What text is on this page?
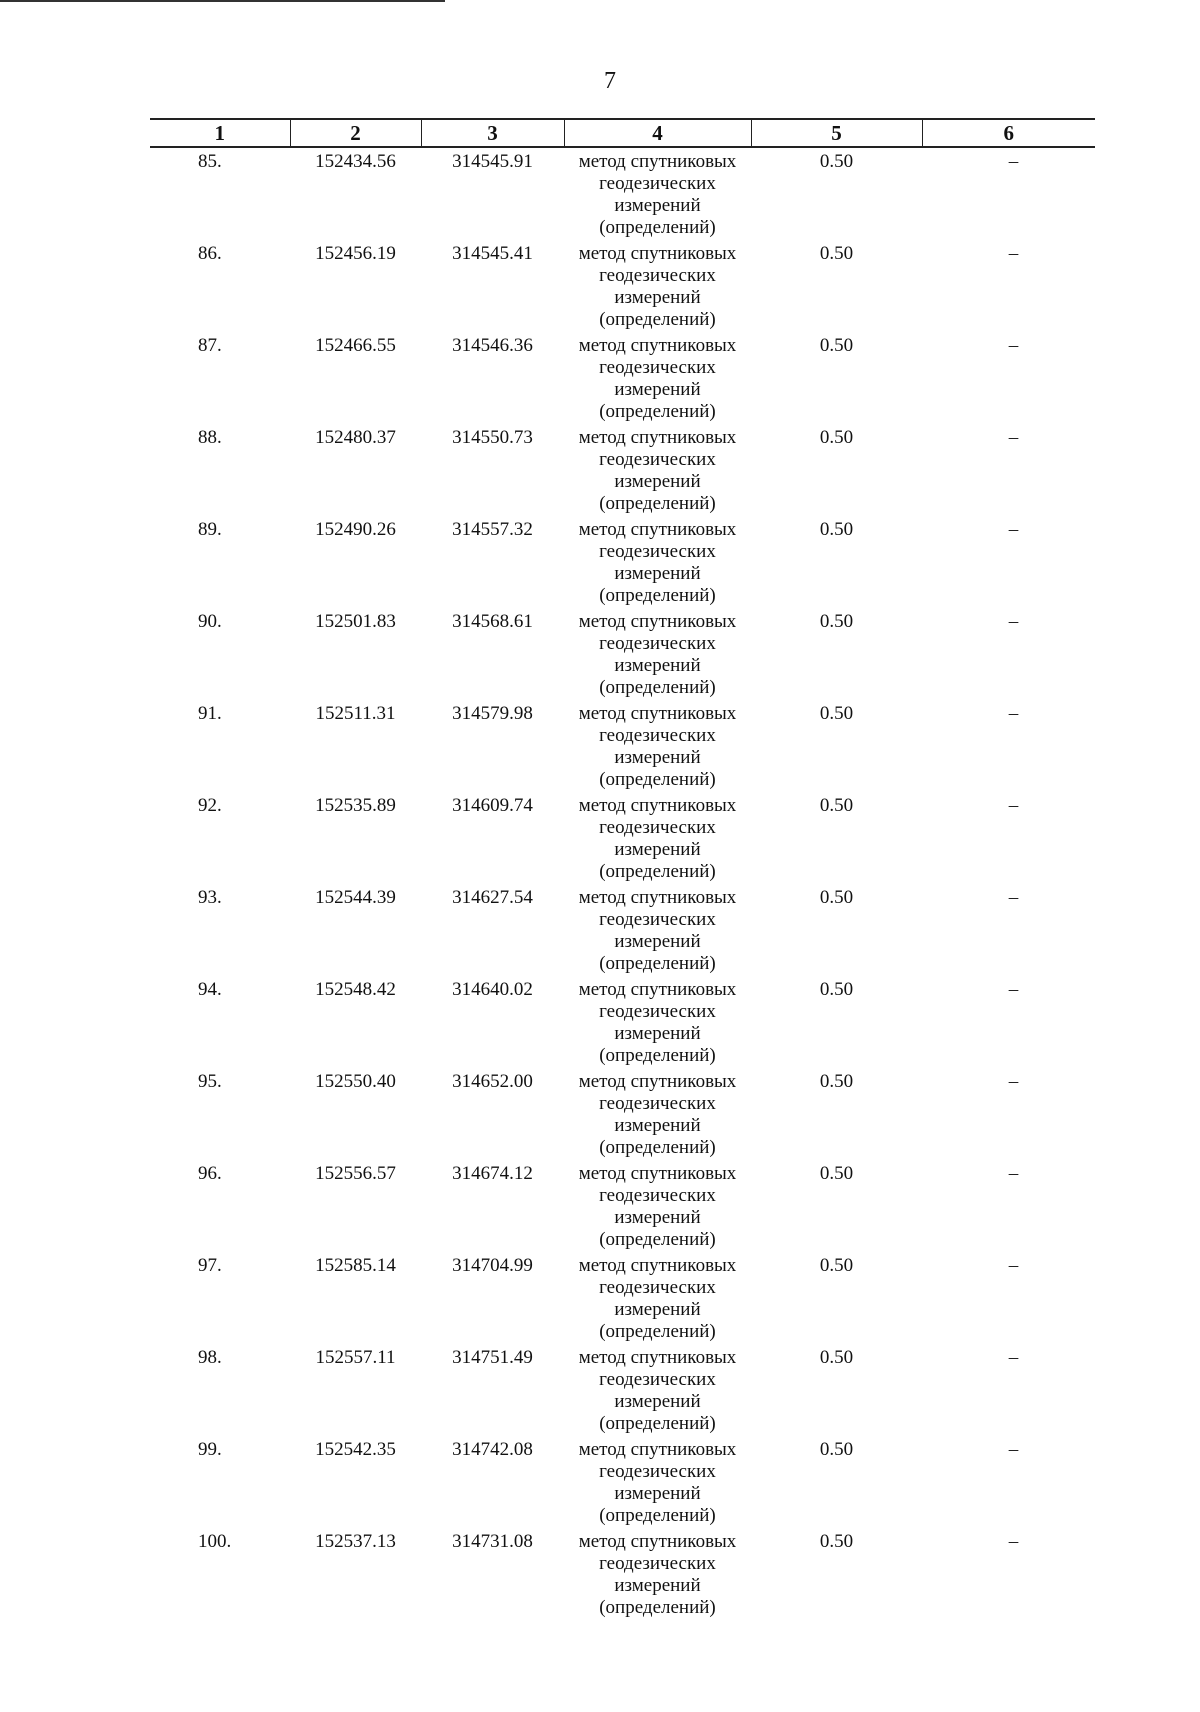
7
1	2	3	4	5	6
85.	152434.56	314545.91	метод спутниковых
геодезических
измерений
(определений)	0.50	–
86.	152456.19	314545.41	метод спутниковых
геодезических
измерений
(определений)	0.50	–
87.	152466.55	314546.36	метод спутниковых
геодезических
измерений
(определений)	0.50	–
88.	152480.37	314550.73	метод спутниковых
геодезических
измерений
(определений)	0.50	–
89.	152490.26	314557.32	метод спутниковых
геодезических
измерений
(определений)	0.50	–
90.	152501.83	314568.61	метод спутниковых
геодезических
измерений
(определений)	0.50	–
91.	152511.31	314579.98	метод спутниковых
геодезических
измерений
(определений)	0.50	–
92.	152535.89	314609.74	метод спутниковых
геодезических
измерений
(определений)	0.50	–
93.	152544.39	314627.54	метод спутниковых
геодезических
измерений
(определений)	0.50	–
94.	152548.42	314640.02	метод спутниковых
геодезических
измерений
(определений)	0.50	–
95.	152550.40	314652.00	метод спутниковых
геодезических
измерений
(определений)	0.50	–
96.	152556.57	314674.12	метод спутниковых
геодезических
измерений
(определений)	0.50	–
97.	152585.14	314704.99	метод спутниковых
геодезических
измерений
(определений)	0.50	–
98.	152557.11	314751.49	метод спутниковых
геодезических
измерений
(определений)	0.50	–
99.	152542.35	314742.08	метод спутниковых
геодезических
измерений
(определений)	0.50	–
100.	152537.13	314731.08	метод спутниковых
геодезических
измерений
(определений)	0.50	–
